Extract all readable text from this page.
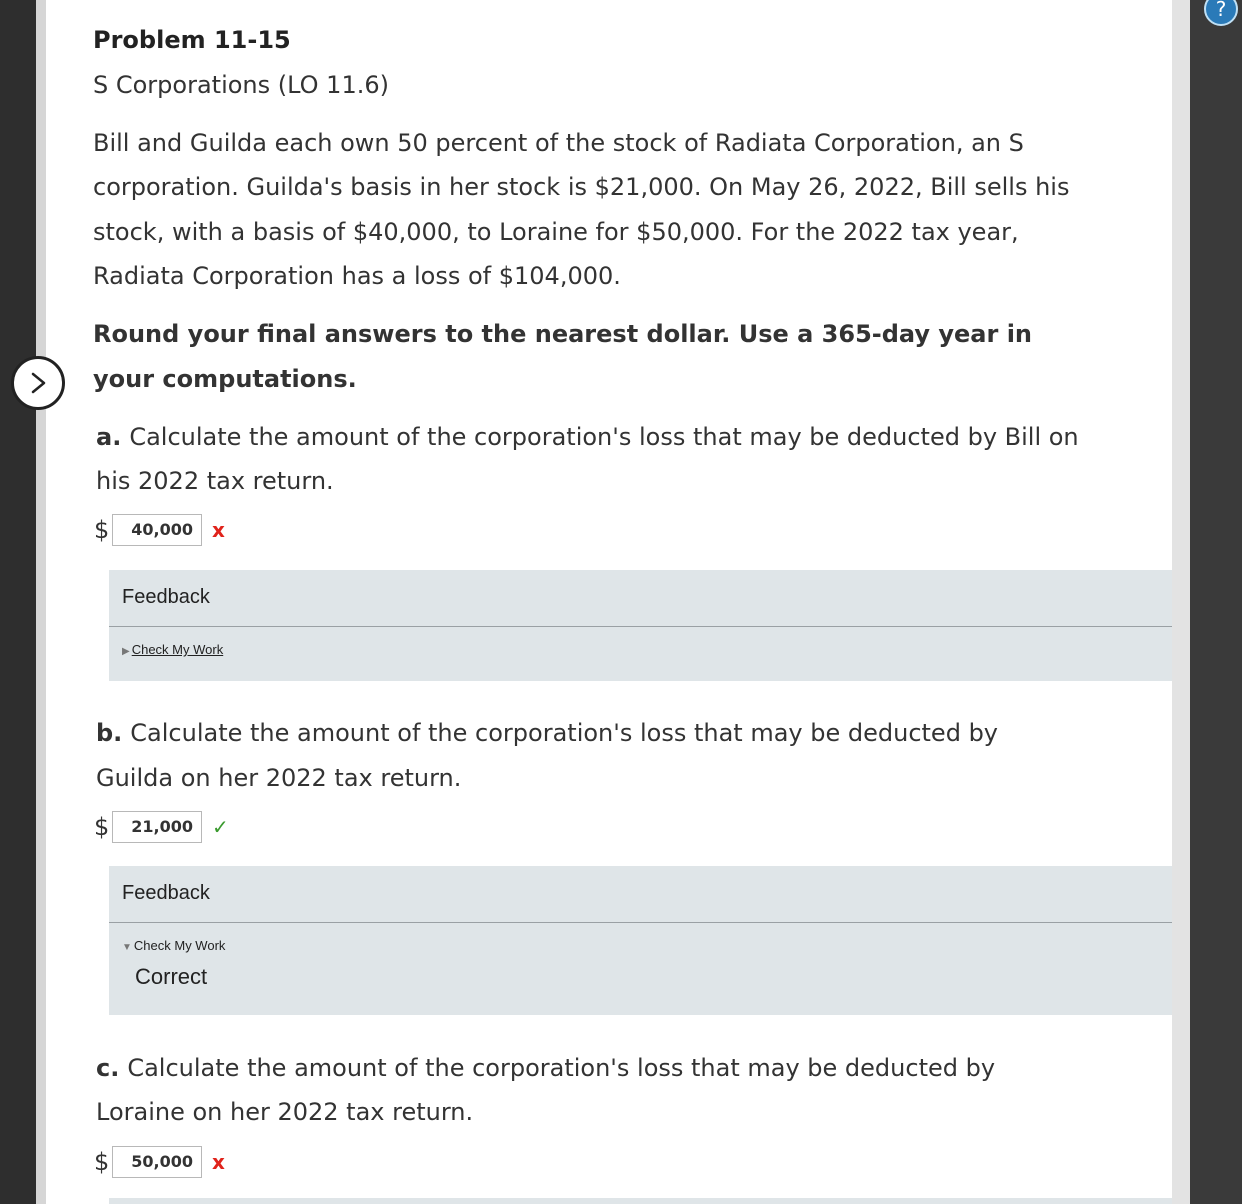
?
Problem 11-15
S Corporations (LO 11.6)
Bill and Guilda each own 50 percent of the stock of Radiata Corporation, an S
corporation. Guilda's basis in her stock is $21,000. On May 26, 2022, Bill sells his
stock, with a basis of $40,000, to Loraine for $50,000. For the 2022 tax year,
Radiata Corporation has a loss of $104,000.
Round your final answers to the nearest dollar. Use a 365-day year in
your computations.
a. Calculate the amount of the corporation's loss that may be deducted by Bill on
his 2022 tax return.
$	40,000 x
Feedback
▶ Check My Work
b. Calculate the amount of the corporation's loss that may be deducted by
Guilda on her 2022 tax return.
$	21,000 ✓
Feedback
▼ Check My Work
Correct
c. Calculate the amount of the corporation's loss that may be deducted by
Loraine on her 2022 tax return.
$	50,000 x
